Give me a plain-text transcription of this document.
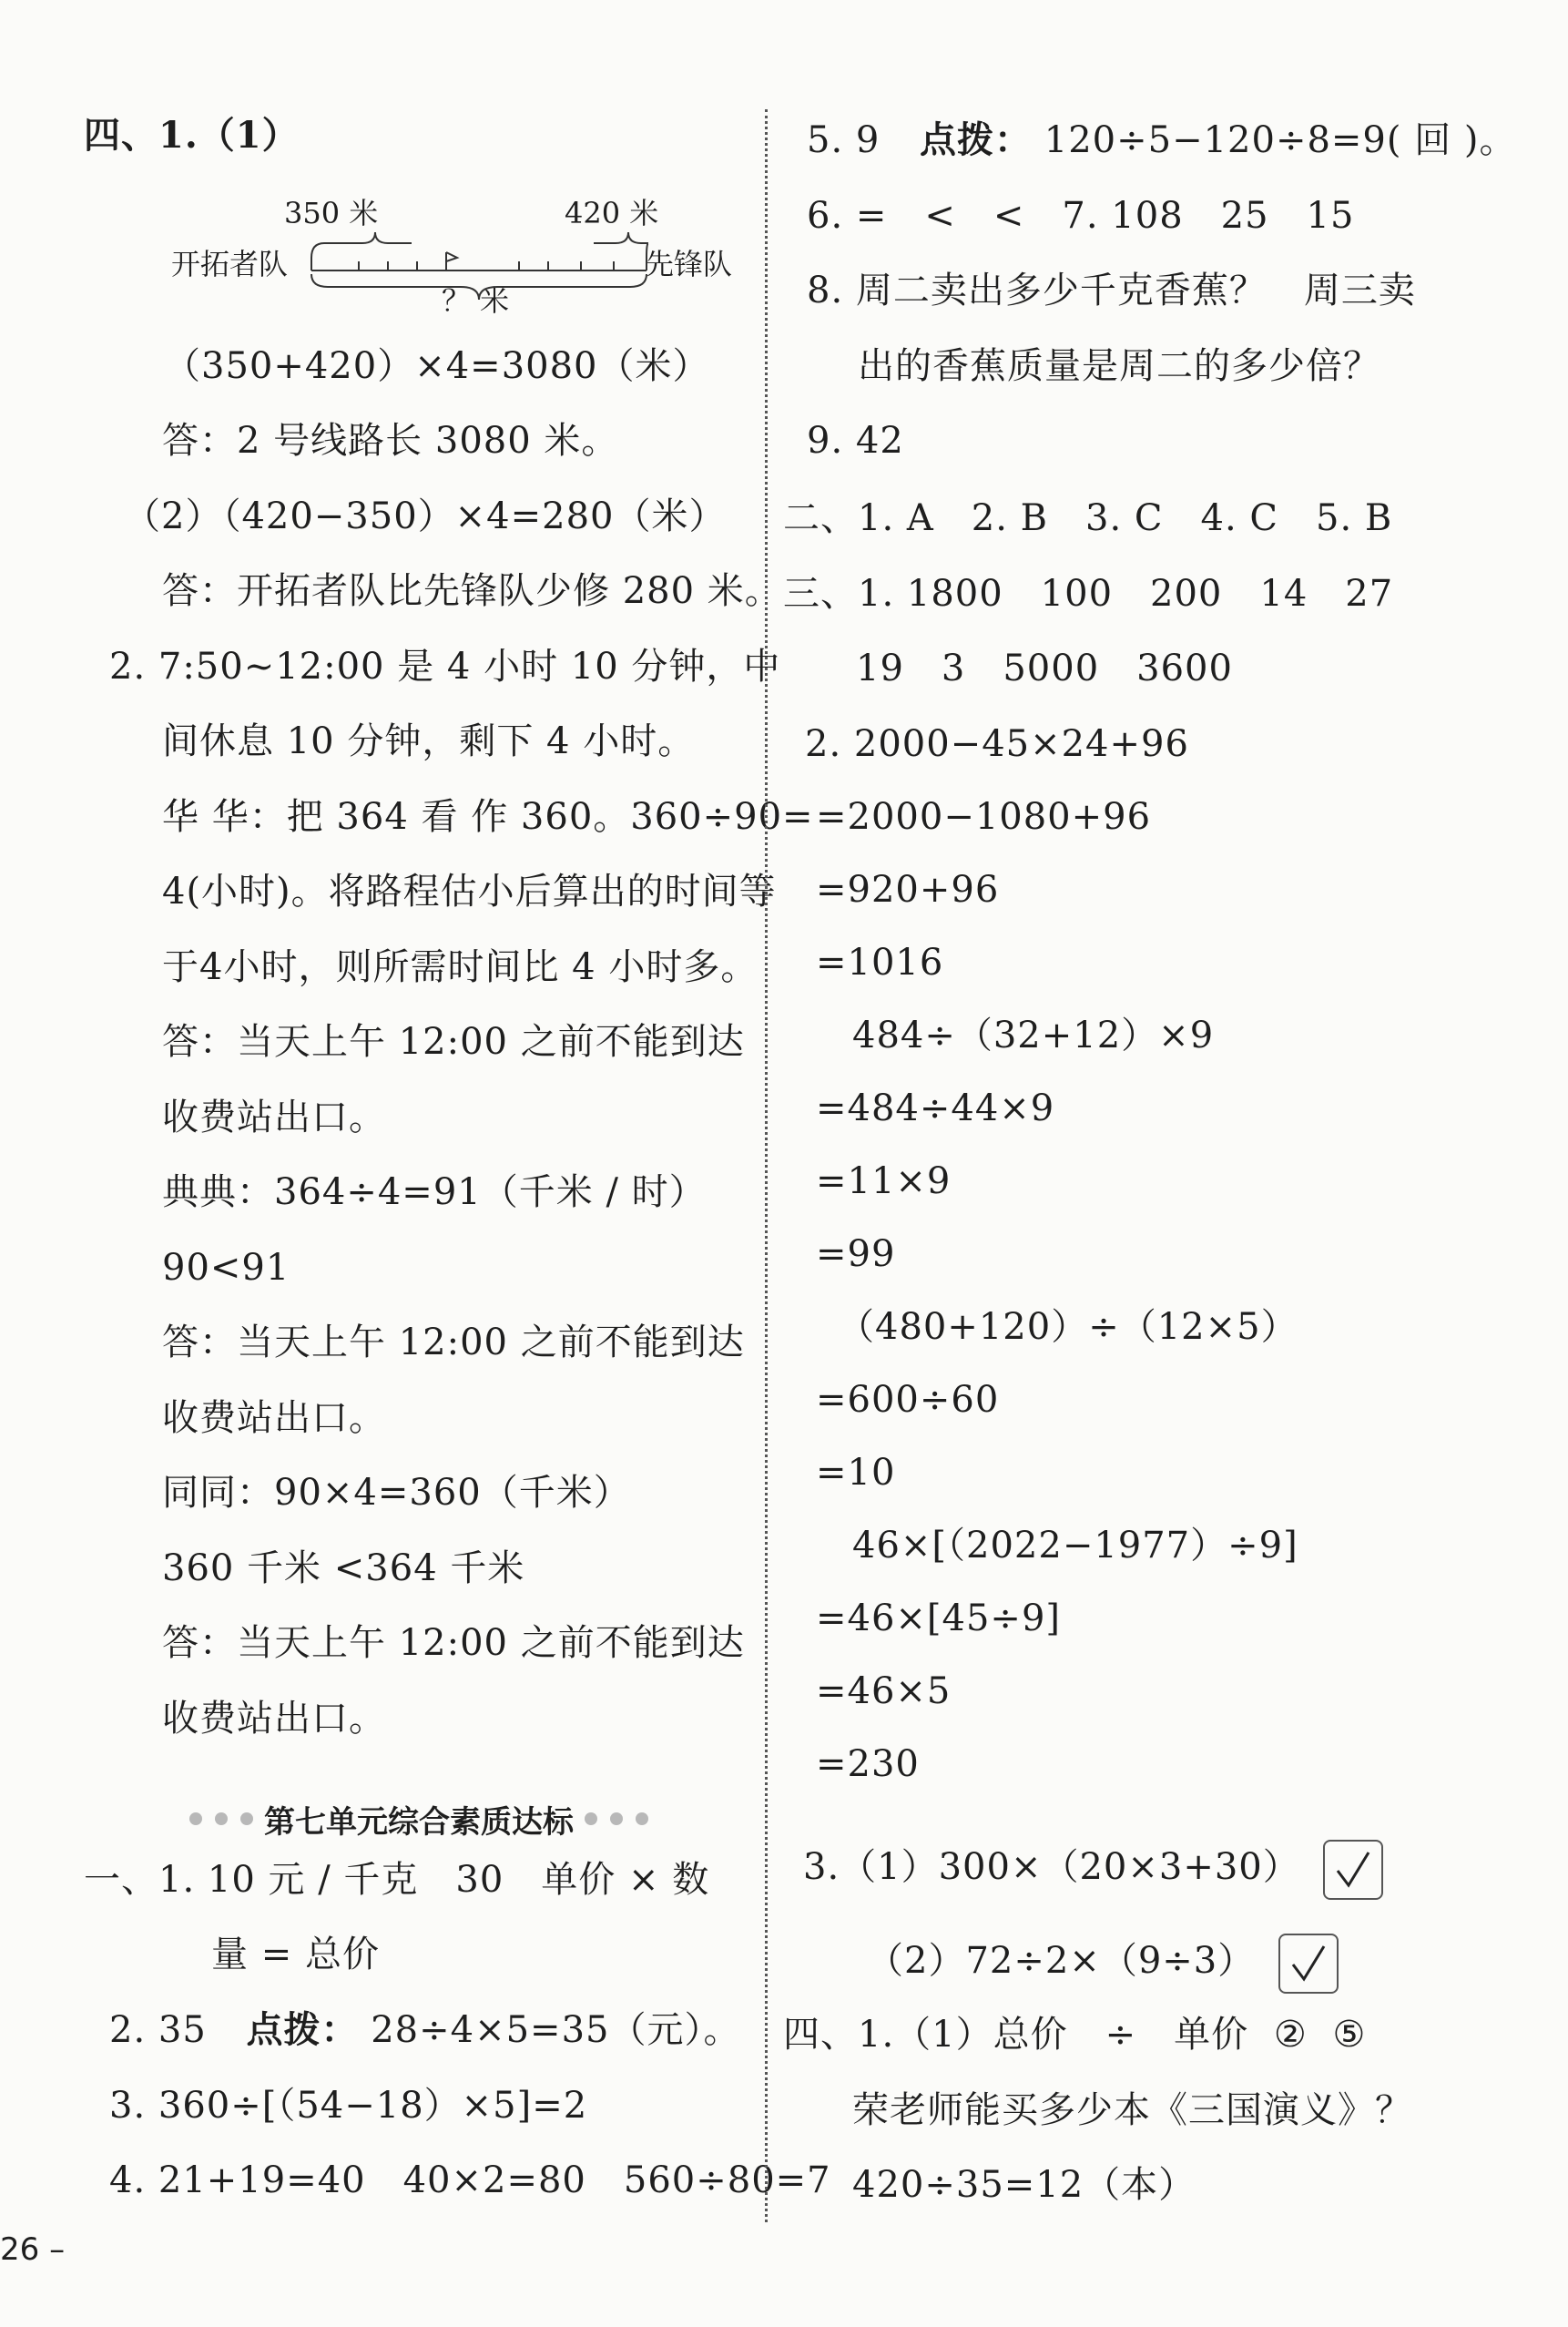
四、1.（1）
350 米	420 米
开拓者队	先锋队
？ 米
（350+420）×4=3080（米）
答：2 号线路长 3080 米。
（2）（420−350）×4=280（米）
答：开拓者队比先锋队少修 280 米。
2. 7:50~12:00 是 4 小时 10 分钟，中
间休息 10 分钟，剩下 4 小时。
华 华：把 364 看 作 360。360÷90=
4(小时)。将路程估小后算出的时间等
于4小时，则所需时间比 4 小时多。
答：当天上午 12:00 之前不能到达
收费站出口。
典典：364÷4=91（千米 / 时）
90<91
答：当天上午 12:00 之前不能到达
收费站出口。
同同：90×4=360（千米）
360 千米 <364 千米
答：当天上午 12:00 之前不能到达
收费站出口。
第七单元综合素质达标
一、1. 10 元 / 千克　30　单价 × 数
量 = 总价
2. 35 点拨： 28÷4×5=35（元）。
3. 360÷[（54−18）×5]=2
4. 21+19=40　40×2=80　560÷80=7
5. 9 点拨： 120÷5−120÷8=9( 回 )。
6. =　<　<　7. 108　25　15
8. 周二卖出多少千克香蕉？　周三卖
出的香蕉质量是周二的多少倍？
9. 42
二、1. A　2. B　3. C　4. C　5. B
三、1. 1800　100　200　14　27
19　3　5000　3600
2. 2000−45×24+96
=2000−1080+96
=920+96
=1016
484÷（32+12）×9
=484÷44×9
=11×9
=99
（480+120）÷（12×5）
=600÷60
=10
46×[（2022−1977）÷9]
=46×[45÷9]
=46×5
=230
3.（1）300×（20×3+30）
（2）72÷2×（9÷3）
四、1.（1）总价　÷　单价 ② ⑤
荣老师能买多少本《三国演义》？
420÷35=12（本）
26 –
